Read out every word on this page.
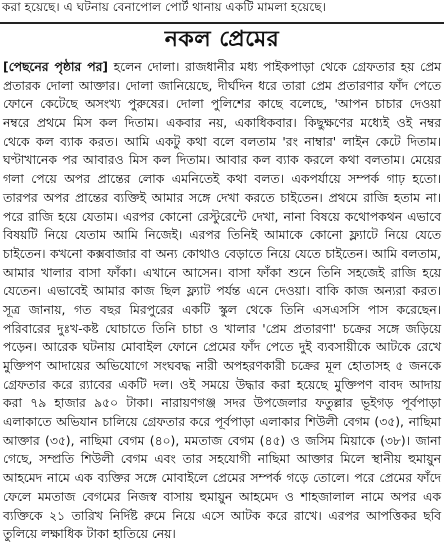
করা হয়েছে। এ ঘটনায় বেনাপোল পোর্ট থানায় একটি মামলা হয়েছে।
নকল প্রেমের
[পেছনের পৃষ্ঠার পর] হলেন দোলা। রাজধানীর মধ্য পাইকপাড়া থেকে গ্রেফতার হয় প্রেম
প্রতারক দোলা আক্তার। দোলা জানিয়েছে, দীর্ঘদিন ধরে তারা প্রেম প্রতারণার ফাঁদ পেতে
ফোনে কেটেছে অসংখ্য পুরুষের। দোলা পুলিশের কাছে বলেছে, 'আপন চাচার দেওয়া
নম্বরে প্রথমে মিস কল দিতাম। একবার নয়, একাধিকবার। কিছুক্ষণের মধ্যেই ওই নম্বর
থেকে কল ব্যাক করত। আমি একটু কথা বলে বলতাম 'রং নাম্বার' লাইন কেটে দিতাম।
ঘণ্টাখানেক পর আবারও মিস কল দিতাম। আবার কল ব্যাক করলে কথা বলতাম। মেয়ের
গলা পেয়ে অপর প্রান্তের লোক এমনিতেই কথা বলত। একপর্যায়ে সম্পর্ক গাঢ় হতো।
তারপর অপর প্রান্তের ব্যক্তিই আমার সঙ্গে দেখা করতে চাইতেন। প্রথমে রাজি হতাম না।
পরে রাজি হয়ে যেতাম। এরপর কোনো রেস্টুরেন্টে দেখা, নানা বিষয়ে কথোপকথন এভাবে
বিষয়টি নিয়ে যেতাম আমি নিজেই। এরপর তিনিই আমাকে কোনো ফ্ল্যাটে নিয়ে যেতে
চাইতেন। কখনো কক্সবাজার বা অন্য কোথাও বেড়াতে নিয়ে যেতে চাইতেন। আমি বলতাম,
আমার খালার বাসা ফাঁকা। এখানে আসেন। বাসা ফাঁকা শুনে তিনি সহজেই রাজি হয়ে
যেতেন। এভাবেই আমার কাজ ছিল ফ্ল্যাট পর্যন্ত এনে দেওয়া। বাকি কাজ অন্যরা করত।
সূত্র জানায়, গত বছর মিরপুরের একটি স্কুল থেকে তিনি এসএসসি পাস করেছেন।
পরিবারের দুঃখ-কষ্ট ঘোচাতে তিনি চাচা ও খালার 'প্রেম প্রতারণা' চক্রের সঙ্গে জড়িয়ে
পড়েন। আরেক ঘটনায় মোবাইল ফোনে প্রেমের ফাঁদ পেতে দুই ব্যবসায়ীকে আটকে রেখে
মুক্তিপণ আদায়ের অভিযোগে সংঘবদ্ধ নারী অপহরণকারী চক্রের মূল হোতাসহ ৫ জনকে
গ্রেফতার করে র‍্যাবের একটি দল। ওই সময়ে উদ্ধার করা হয়েছে মুক্তিপণ বাবদ আদায়
করা ৭৯ হাজার ৯৫০ টাকা। নারায়ণগঞ্জ সদর উপজেলার ফতুল্লার ভূইগড় পূর্বপাড়া
এলাকাতে অভিযান চালিয়ে গ্রেফতার করে পূর্বপাড়া এলাকার শিউলী বেগম (৩৫), নাছিমা
আক্তার (৩৫), নাছিমা বেগম (৪০), মমতাজ বেগম (৪৫) ও জসিম মিয়াকে (৩৮)। জানা
গেছে, সম্প্রতি শিউলী বেগম এবং তার সহযোগী নাছিমা আক্তার মিলে স্থানীয় হুমায়ুন
আহমেদ নামে এক ব্যক্তির সঙ্গে মোবাইলে প্রেমের সম্পর্ক গড়ে তোলে। পরে প্রেমের ফাঁদে
ফেলে মমতাজ বেগমের নিজস্ব বাসায় হুমায়ুন আহমেদ ও শাহজালাল নামে অপর এক
ব্যক্তিকে ২১ তারিখ নির্দিষ্ট রুমে নিয়ে এসে আটক করে রাখে। এরপর আপত্তিকর ছবি
তুলিয়ে লক্ষাধিক টাকা হাতিয়ে নেয়।
